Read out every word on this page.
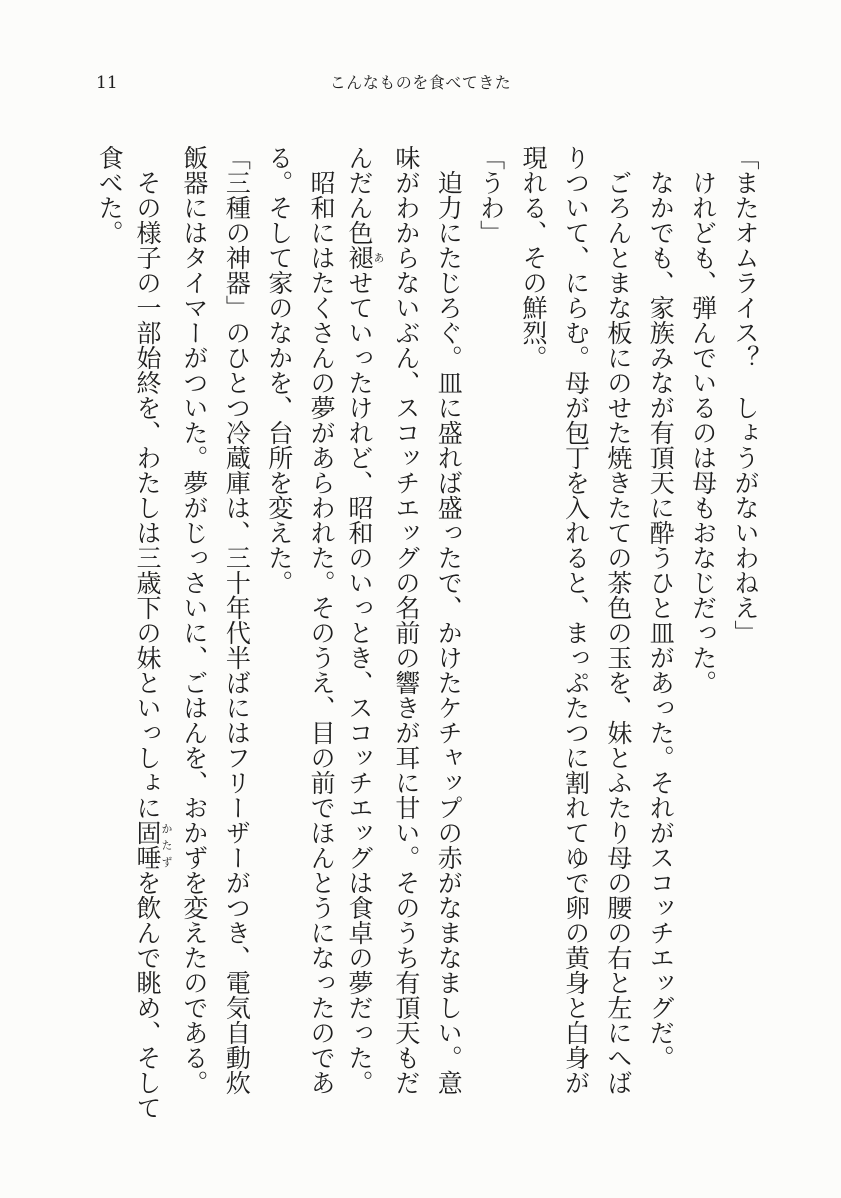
11	こんなものを食べてきた
「またオムライス？　しょうがないわねえ」
けれども、弾んでいるのは母もおなじだった。
なかでも、家族みなが有頂天に酔うひと皿があった。それがスコッチエッグだ。
ごろんとまな板にのせた焼きたての茶色の玉を、妹とふたり母の腰の右と左にへば
りついて、にらむ。母が包丁を入れると、まっぷたつに割れてゆで卵の黄身と白身が
現れる、その鮮烈。
「うわ」
迫力にたじろぐ。皿に盛れば盛ったで、かけたケチャップの赤がなまなましい。意
味がわからないぶん、スコッチエッグの名前の響きが耳に甘い。そのうち有頂天もだ
んだん色褪あせていったけれど、昭和のいっとき、スコッチエッグは食卓の夢だった。
昭和にはたくさんの夢があらわれた。そのうえ、目の前でほんとうになったのであ
る。そして家のなかを、台所を変えた。
「三種の神器」のひとつ冷蔵庫は、三十年代半ばにはフリーザーがつき、電気自動炊
飯器にはタイマーがついた。夢がじっさいに、ごはんを、おかずを変えたのである。
その様子の一部始終を、わたしは三歳下の妹といっしょに固唾かたずを飲んで眺め、そして
食べた。
